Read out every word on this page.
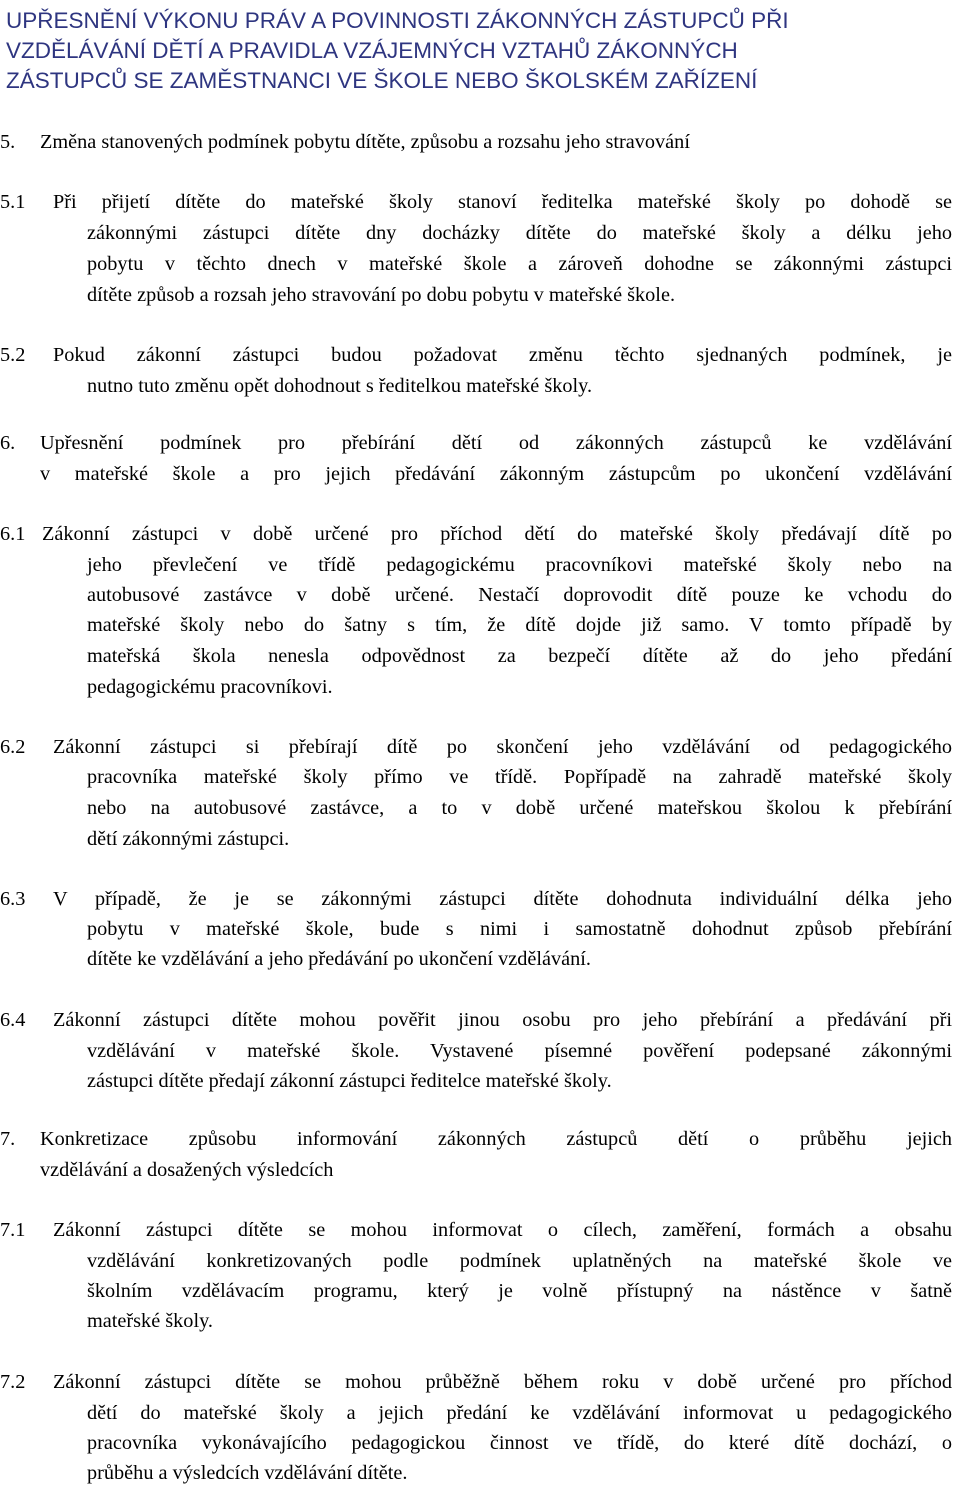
UPŘESNĚNÍ VÝKONU PRÁV A POVINNOSTI ZÁKONNÝCH ZÁSTUPCŮ PŘI
VZDĚLÁVÁNÍ DĚTÍ A PRAVIDLA VZÁJEMNÝCH VZTAHŮ ZÁKONNÝCH
ZÁSTUPCŮ SE ZAMĚSTNANCI VE ŠKOLE NEBO ŠKOLSKÉM ZAŘÍZENÍ
5. Změna stanovených podmínek pobytu dítěte, způsobu a rozsahu jeho stravování
5.1 Při přijetí dítěte do mateřské školy stanoví ředitelka mateřské školy po dohodě se
zákonnými zástupci dítěte dny docházky dítěte do mateřské školy a délku jeho
pobytu v těchto dnech v mateřské škole a zároveň dohodne se zákonnými zástupci
dítěte způsob a rozsah jeho stravování po dobu pobytu v mateřské škole.
5.2 Pokud zákonní zástupci budou požadovat změnu těchto sjednaných podmínek, je
nutno tuto změnu opět dohodnout s ředitelkou mateřské školy.
6. Upřesnění podmínek pro přebírání dětí od zákonných zástupců ke vzdělávání
v mateřské škole a pro jejich předávání zákonným zástupcům po ukončení vzdělávání
6.1 Zákonní zástupci v době určené pro příchod dětí do mateřské školy předávají dítě po
jeho převlečení ve třídě pedagogickému pracovníkovi mateřské školy nebo na
autobusové zastávce v době určené. Nestačí doprovodit dítě pouze ke vchodu do
mateřské školy nebo do šatny s tím, že dítě dojde již samo. V tomto případě by
mateřská škola nenesla odpovědnost za bezpečí dítěte až do jeho předání
pedagogickému pracovníkovi.
6.2 Zákonní zástupci si přebírají dítě po skončení jeho vzdělávání od pedagogického
pracovníka mateřské školy přímo ve třídě. Popřípadě na zahradě mateřské školy
nebo na autobusové zastávce, a to v době určené mateřskou školou k přebírání
dětí zákonnými zástupci.
6.3 V případě, že je se zákonnými zástupci dítěte dohodnuta individuální délka jeho
pobytu v mateřské škole, bude s nimi i samostatně dohodnut způsob přebírání
dítěte ke vzdělávání a jeho předávání po ukončení vzdělávání.
6.4 Zákonní zástupci dítěte mohou pověřit jinou osobu pro jeho přebírání a předávání při
vzdělávání v mateřské škole. Vystavené písemné pověření podepsané zákonnými
zástupci dítěte předají zákonní zástupci ředitelce mateřské školy.
7. Konkretizace způsobu informování zákonných zástupců dětí o průběhu jejich
vzdělávání a dosažených výsledcích
7.1 Zákonní zástupci dítěte se mohou informovat o cílech, zaměření, formách a obsahu
vzdělávání konkretizovaných podle podmínek uplatněných na mateřské škole ve
školním vzdělávacím programu, který je volně přístupný na nástěnce v šatně
mateřské školy.
7.2 Zákonní zástupci dítěte se mohou průběžně během roku v době určené pro příchod
dětí do mateřské školy a jejich předání ke vzdělávání informovat u pedagogického
pracovníka vykonávajícího pedagogickou činnost ve třídě, do které dítě dochází, o
průběhu a výsledcích vzdělávání dítěte.
